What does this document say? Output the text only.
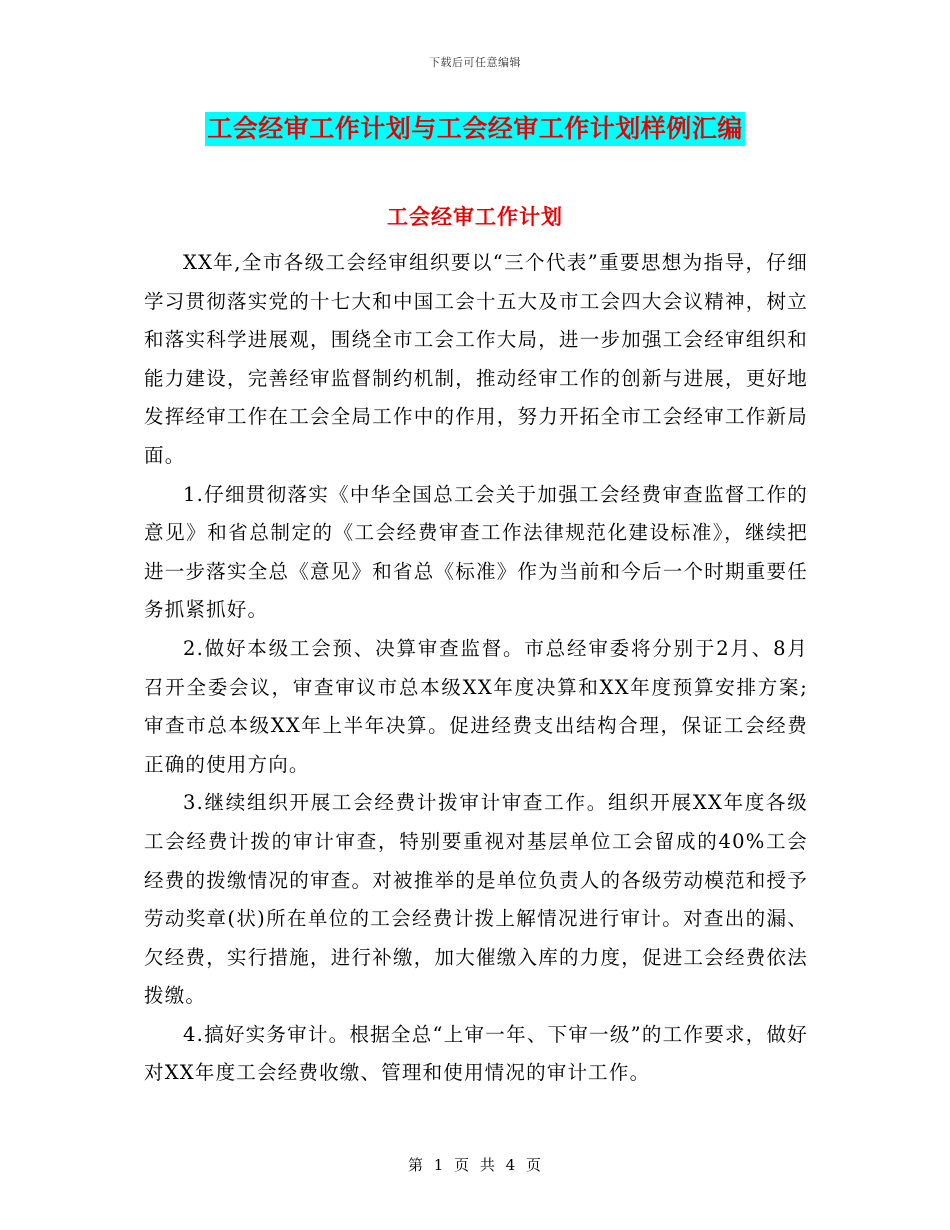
下载后可任意编辑
工会经审工作计划与工会经审工作计划样例汇编
工会经审工作计划

XX年,全市各级工会经审组织要以“三个代表”重要思想为指导，仔细学习贯彻落实党的十七大和中国工会十五大及市工会四大会议精神，树立和落实科学进展观，围绕全市工会工作大局，进一步加强工会经审组织和能力建设，完善经审监督制约机制，推动经审工作的创新与进展，更好地发挥经审工作在工会全局工作中的作用，努力开拓全市工会经审工作新局面。

1.仔细贯彻落实《中华全国总工会关于加强工会经费审查监督工作的意见》和省总制定的《工会经费审查工作法律规范化建设标准》，继续把进一步落实全总《意见》和省总《标准》作为当前和今后一个时期重要任务抓紧抓好。

2.做好本级工会预、决算审查监督。市总经审委将分别于2月、8月召开全委会议，审查审议市总本级XX年度决算和XX年度预算安排方案;审查市总本级XX年上半年决算。促进经费支出结构合理，保证工会经费正确的使用方向。

3.继续组织开展工会经费计拨审计审查工作。组织开展XX年度各级工会经费计拨的审计审查，特别要重视对基层单位工会留成的40%工会经费的拨缴情况的审查。对被推举的是单位负责人的各级劳动模范和授予劳动奖章(状)所在单位的工会经费计拨上解情况进行审计。对查出的漏、欠经费，实行措施，进行补缴，加大催缴入库的力度，促进工会经费依法拨缴。

4.搞好实务审计。根据全总“上审一年、下审一级”的工作要求，做好对XX年度工会经费收缴、管理和使用情况的审计工作。

第 1 页 共 4 页
